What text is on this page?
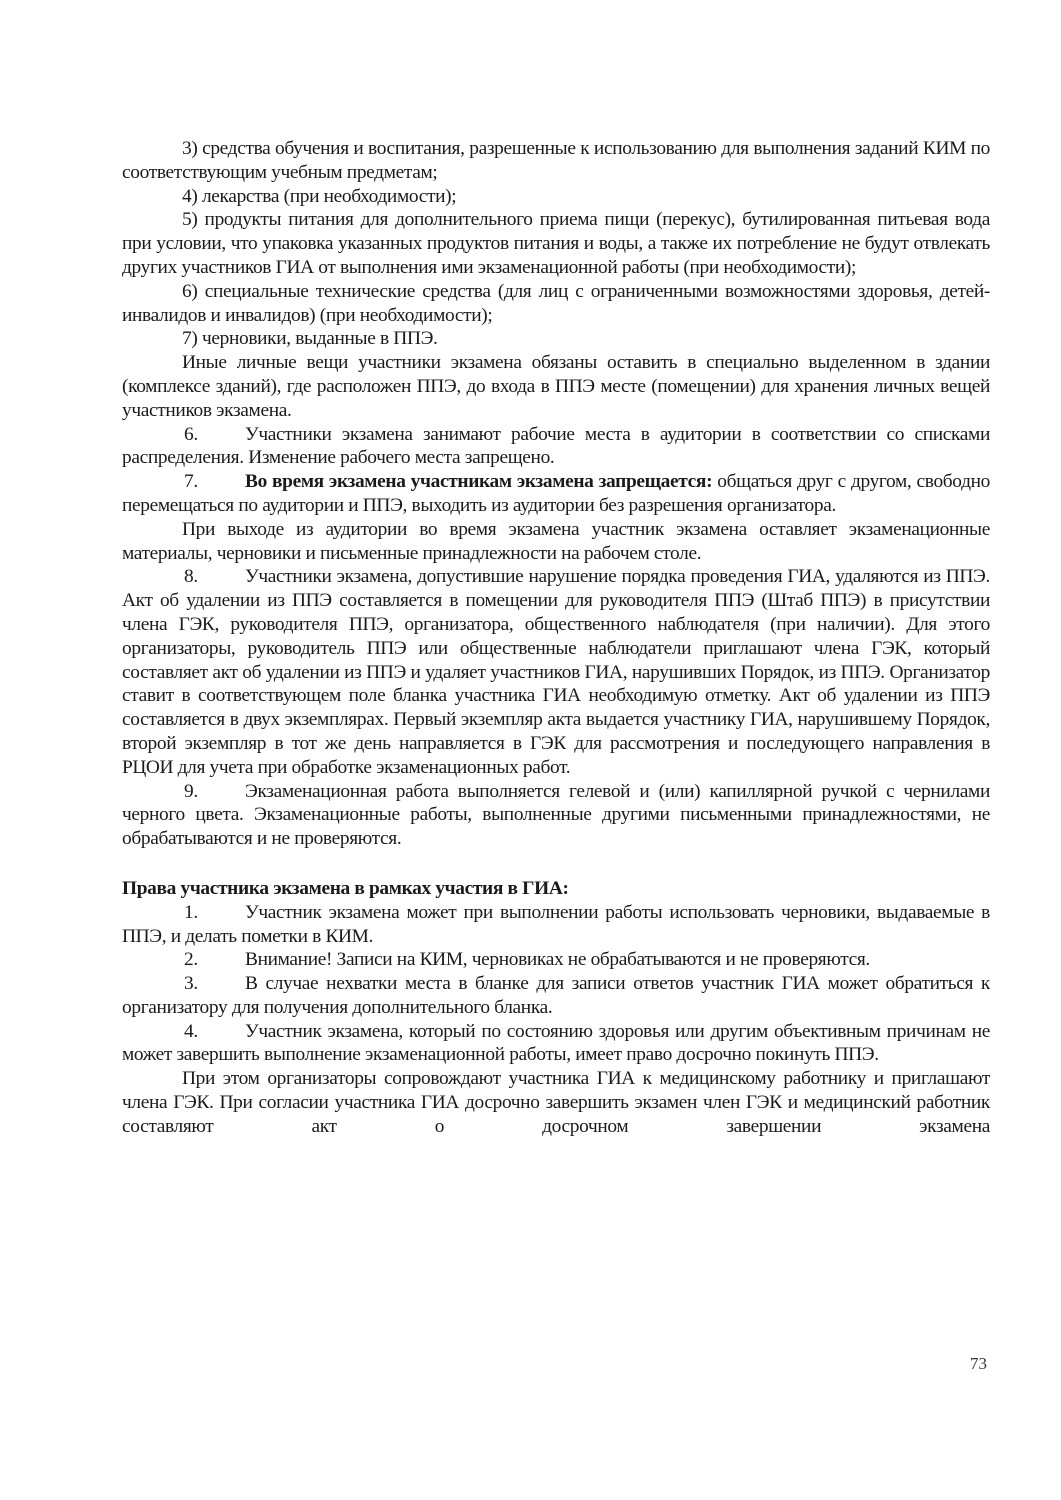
3) средства обучения и воспитания, разрешенные к использованию для выполнения заданий КИМ по соответствующим учебным предметам;

4) лекарства (при необходимости);

5) продукты питания для дополнительного приема пищи (перекус), бутилированная питьевая вода при условии, что упаковка указанных продуктов питания и воды, а также их потребление не будут отвлекать других участников ГИА от выполнения ими экзаменационной работы (при необходимости);

6) специальные технические средства (для лиц с ограниченными возможностями здоровья, детей-инвалидов и инвалидов) (при необходимости);

7) черновики, выданные в ППЭ.

Иные личные вещи участники экзамена обязаны оставить в специально выделенном в здании (комплексе зданий), где расположен ППЭ, до входа в ППЭ месте (помещении) для хранения личных вещей участников экзамена.

6. Участники экзамена занимают рабочие места в аудитории в соответствии со списками распределения. Изменение рабочего места запрещено.

7. Во время экзамена участникам экзамена запрещается: общаться друг с другом, свободно перемещаться по аудитории и ППЭ, выходить из аудитории без разрешения организатора.

При выходе из аудитории во время экзамена участник экзамена оставляет экзаменационные материалы, черновики и письменные принадлежности на рабочем столе.

8. Участники экзамена, допустившие нарушение порядка проведения ГИА, удаляются из ППЭ. Акт об удалении из ППЭ составляется в помещении для руководителя ППЭ (Штаб ППЭ) в присутствии члена ГЭК, руководителя ППЭ, организатора, общественного наблюдателя (при наличии). Для этого организаторы, руководитель ППЭ или общественные наблюдатели приглашают члена ГЭК, который составляет акт об удалении из ППЭ и удаляет участников ГИА, нарушивших Порядок, из ППЭ. Организатор ставит в соответствующем поле бланка участника ГИА необходимую отметку. Акт об удалении из ППЭ составляется в двух экземплярах. Первый экземпляр акта выдается участнику ГИА, нарушившему Порядок, второй экземпляр в тот же день направляется в ГЭК для рассмотрения и последующего направления в РЦОИ для учета при обработке экзаменационных работ.

9. Экзаменационная работа выполняется гелевой и (или) капиллярной ручкой с чернилами черного цвета. Экзаменационные работы, выполненные другими письменными принадлежностями, не обрабатываются и не проверяются.

Права участника экзамена в рамках участия в ГИА:

1. Участник экзамена может при выполнении работы использовать черновики, выдаваемые в ППЭ, и делать пометки в КИМ.

2. Внимание! Записи на КИМ, черновиках не обрабатываются и не проверяются.

3. В случае нехватки места в бланке для записи ответов участник ГИА может обратиться к организатору для получения дополнительного бланка.

4. Участник экзамена, который по состоянию здоровья или другим объективным причинам не может завершить выполнение экзаменационной работы, имеет право досрочно покинуть ППЭ.

При этом организаторы сопровождают участника ГИА к медицинскому работнику и приглашают члена ГЭК. При согласии участника ГИА досрочно завершить экзамен член ГЭК и медицинский работник составляют акт о досрочном завершении экзамена

73
